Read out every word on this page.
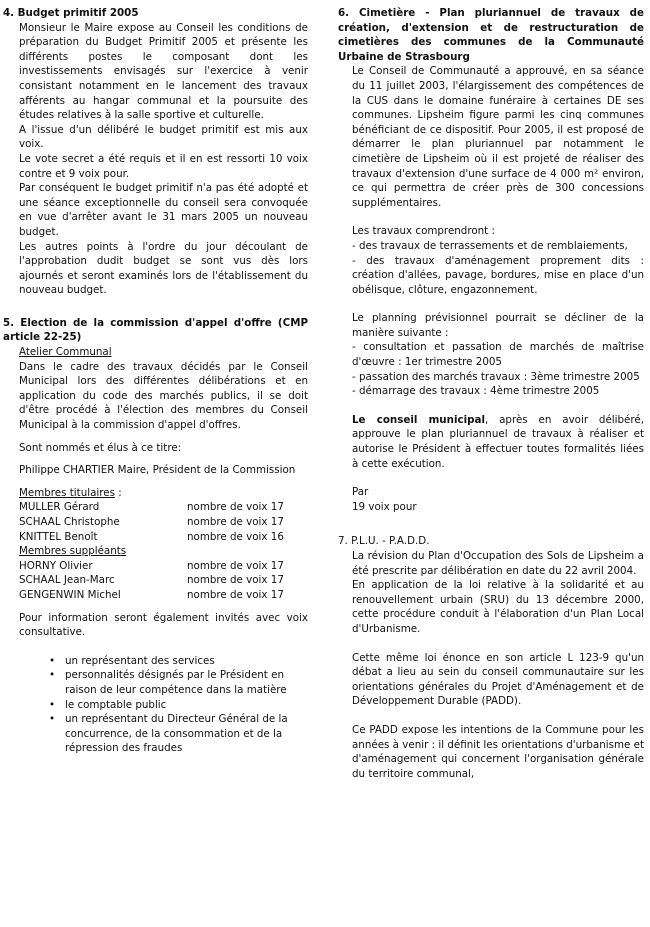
4. Budget primitif 2005

Monsieur le Maire expose au Conseil les conditions de préparation du Budget Primitif 2005 et présente les différents postes le composant dont les investissements envisagés sur l'exercice à venir consistant notamment en le lancement des travaux afférents au hangar communal et la poursuite des études relatives à la salle sportive et culturelle.

A l'issue d'un délibéré le budget primitif est mis aux voix.

Le vote secret a été requis et il en est ressorti 10 voix contre et 9 voix pour.

Par conséquent le budget primitif n'a pas été adopté et une séance exceptionnelle du conseil sera convoquée en vue d'arrêter avant le 31 mars 2005 un nouveau budget.

Les autres points à l'ordre du jour découlant de l'approbation dudit budget se sont vus dès lors ajournés et seront examinés lors de l'établissement du nouveau budget.

5. Election de la commission d'appel d'offre (CMP article 22-25)

Atelier Communal

Dans le cadre des travaux décidés par le Conseil Municipal lors des différentes délibérations et en application du code des marchés publics, il se doit d'être procédé à l'élection des membres du Conseil Municipal à la commission d'appel d'offres.

Sont nommés et élus à ce titre:

Philippe CHARTIER Maire, Président de la Commission

Membres titulaires :

MULLER Gérard	nombre de voix 17
SCHAAL Christophe	nombre de voix 17
KNITTEL Benoît	nombre de voix 16

Membres suppléants

HORNY Olivier	nombre de voix 17
SCHAAL Jean-Marc	nombre de voix 17
GENGENWIN Michel	nombre de voix 17

Pour information seront également invités avec voix consultative.

• un représentant des services
• personnalités désignés par le Président en raison de leur compétence dans la matière
• le comptable public
• un représentant du Directeur Général de la concurrence, de la consommation et de la répression des fraudes

6. Cimetière - Plan pluriannuel de travaux de création, d'extension et de restructuration de cimetières des communes de la Communauté Urbaine de Strasbourg

Le Conseil de Communauté a approuvé, en sa séance du 11 juillet 2003, l'élargissement des compétences de la CUS dans le domaine funéraire à certaines DE ses communes. Lipsheim figure parmi les cinq communes bénéficiant de ce dispositif. Pour 2005, il est proposé de démarrer le plan pluriannuel par notamment le cimetière de Lipsheim où il est projeté de réaliser des travaux d'extension d'une surface de 4 000 m² environ, ce qui permettra de créer près de 300 concessions supplémentaires.

Les travaux comprendront :

- des travaux de terrassements et de remblaiements,

- des travaux d'aménagement proprement dits : création d'allées, pavage, bordures, mise en place d'un obélisque, clôture, engazonnement.

Le planning prévisionnel pourrait se décliner de la manière suivante :

- consultation et passation de marchés de maîtrise d'œuvre : 1er trimestre 2005

- passation des marchés travaux : 3ème trimestre 2005

- démarrage des travaux : 4ème trimestre 2005

Le conseil municipal, après en avoir délibéré, approuve le plan pluriannuel de travaux à réaliser et autorise le Président à effectuer toutes formalités liées à cette exécution.

Par

19 voix pour

7. P.L.U. - P.A.D.D.

La révision du Plan d'Occupation des Sols de Lipsheim a été prescrite par délibération en date du 22 avril 2004.

En application de la loi relative à la solidarité et au renouvellement urbain (SRU) du 13 décembre 2000, cette procédure conduit à l'élaboration d'un Plan Local d'Urbanisme.

Cette même loi énonce en son article L 123-9 qu'un débat a lieu au sein du conseil communautaire sur les orientations générales du Projet d'Aménagement et de Développement Durable (PADD).

Ce PADD expose les intentions de la Commune pour les années à venir : il définit les orientations d'urbanisme et d'aménagement qui concernent l'organisation générale du territoire communal,
